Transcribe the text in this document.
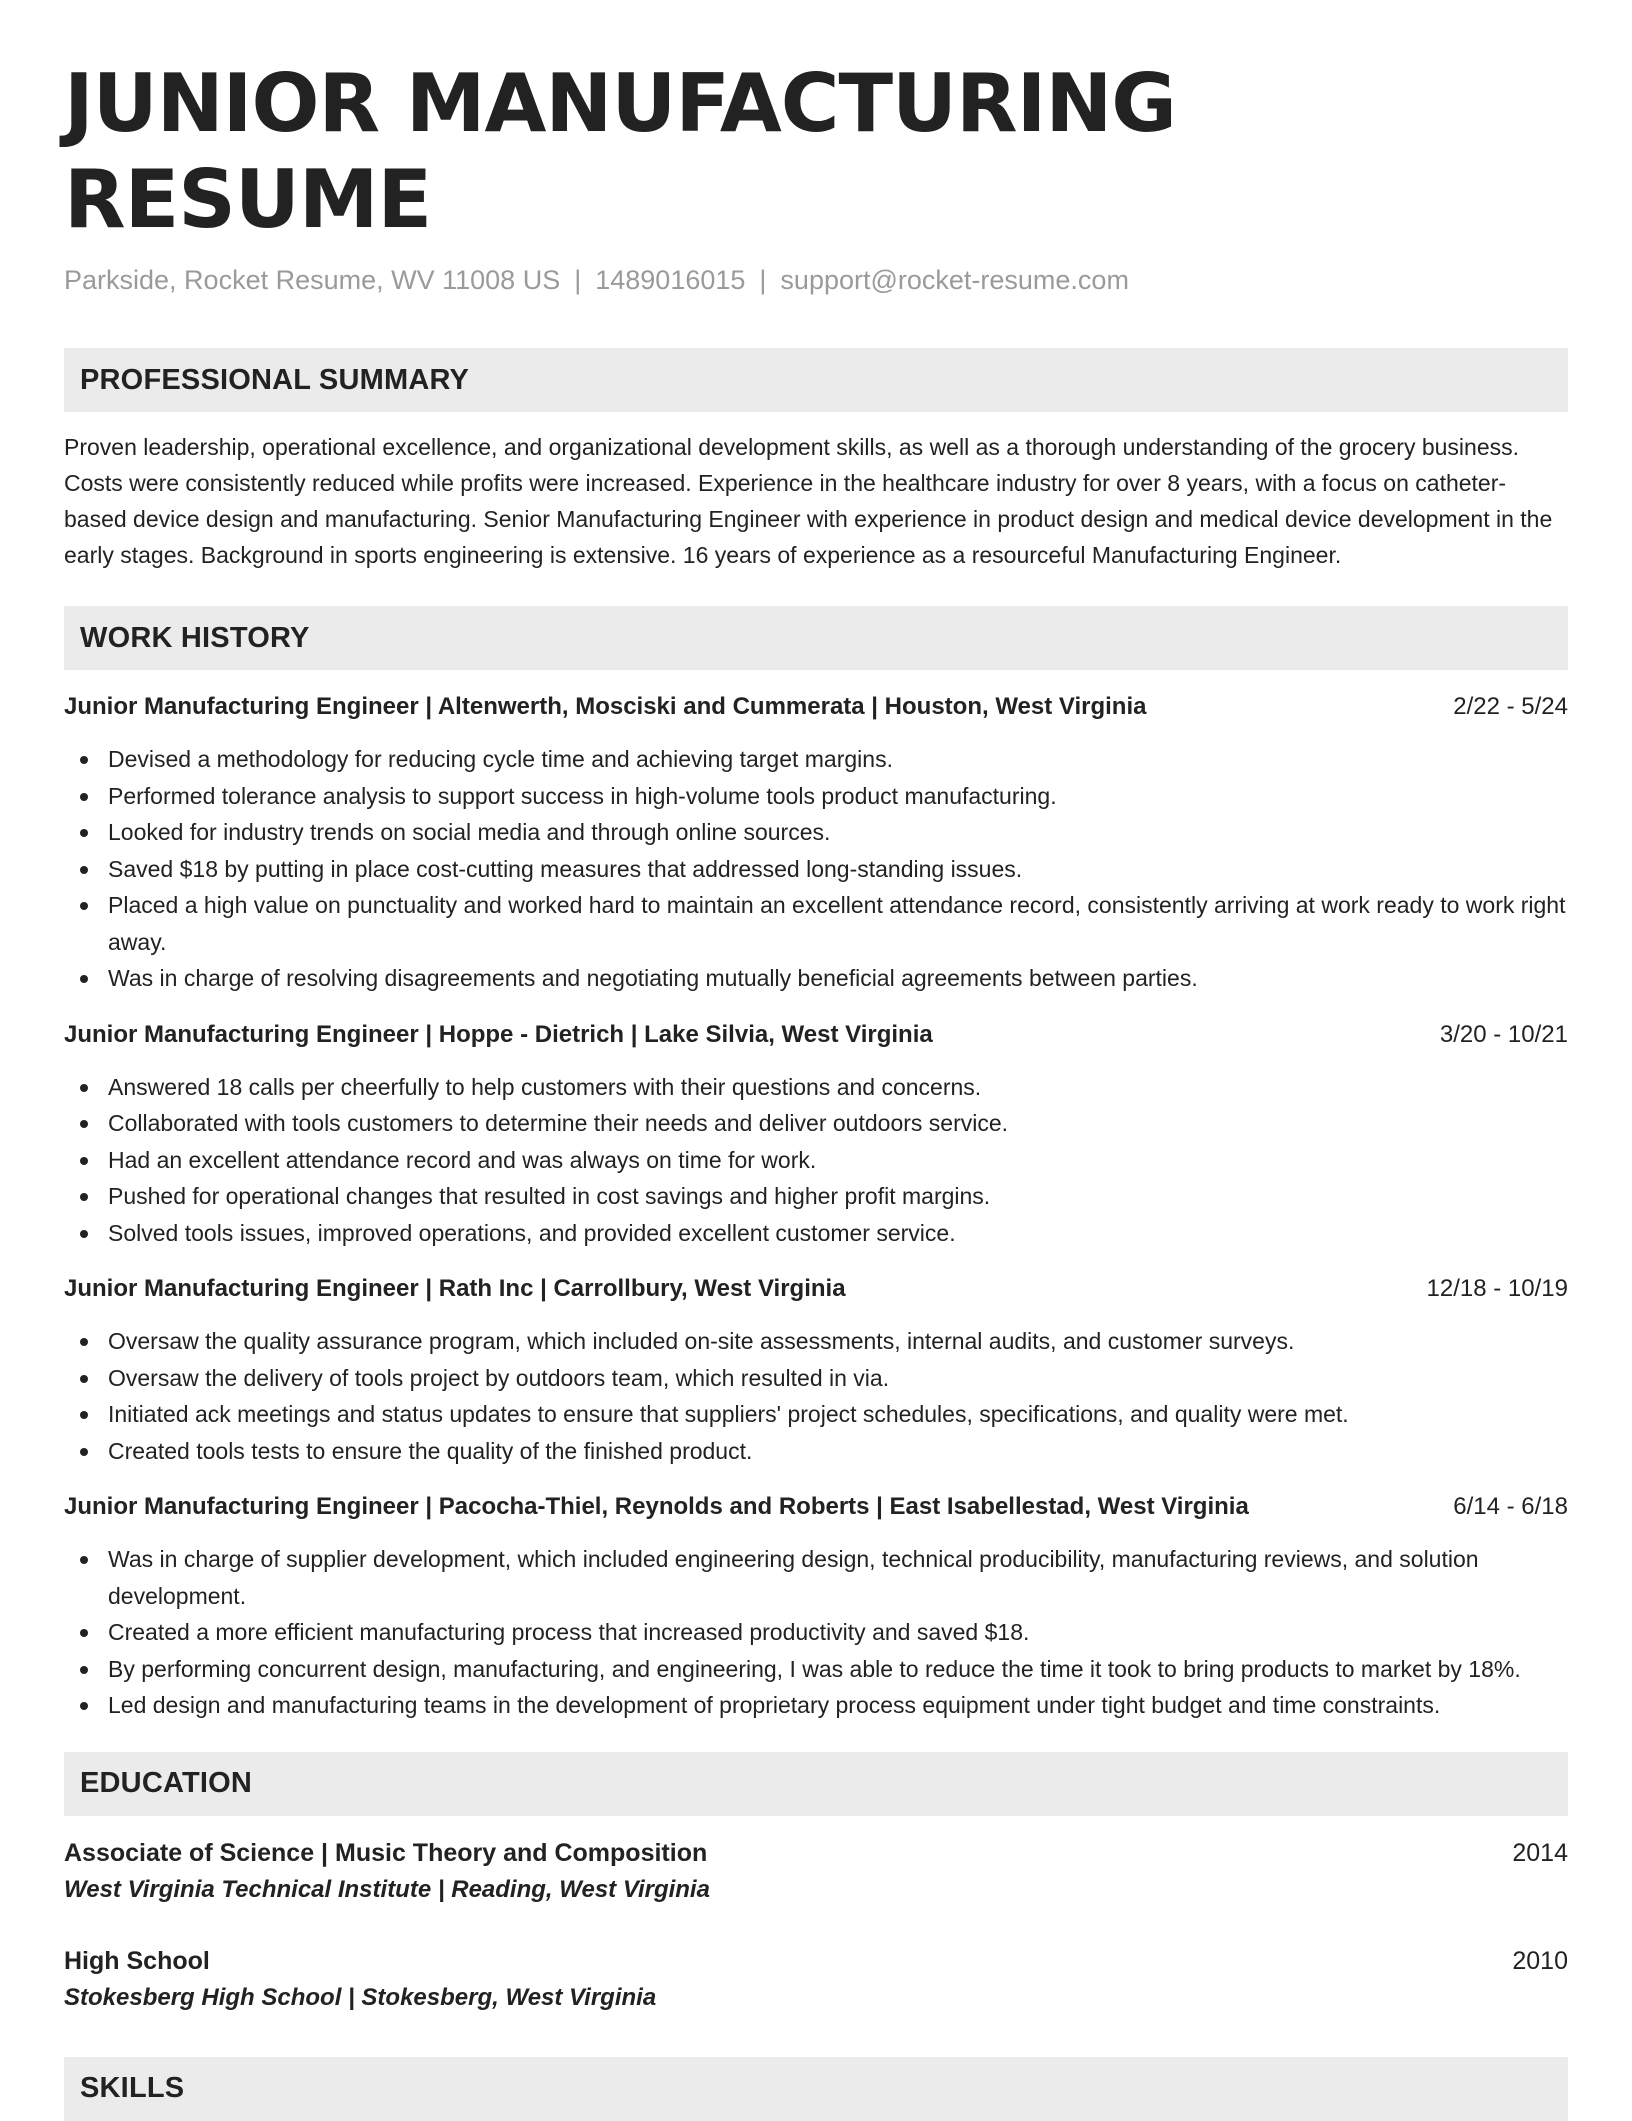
JUNIOR MANUFACTURING RESUME
Parkside, Rocket Resume, WV 11008 US | 1489016015 | support@rocket-resume.com
PROFESSIONAL SUMMARY
Proven leadership, operational excellence, and organizational development skills, as well as a thorough understanding of the grocery business. Costs were consistently reduced while profits were increased. Experience in the healthcare industry for over 8 years, with a focus on catheter-based device design and manufacturing. Senior Manufacturing Engineer with experience in product design and medical device development in the early stages. Background in sports engineering is extensive. 16 years of experience as a resourceful Manufacturing Engineer.
WORK HISTORY
Junior Manufacturing Engineer | Altenwerth, Mosciski and Cummerata | Houston, West Virginia	2/22 - 5/24
Devised a methodology for reducing cycle time and achieving target margins.
Performed tolerance analysis to support success in high-volume tools product manufacturing.
Looked for industry trends on social media and through online sources.
Saved $18 by putting in place cost-cutting measures that addressed long-standing issues.
Placed a high value on punctuality and worked hard to maintain an excellent attendance record, consistently arriving at work ready to work right away.
Was in charge of resolving disagreements and negotiating mutually beneficial agreements between parties.
Junior Manufacturing Engineer | Hoppe - Dietrich | Lake Silvia, West Virginia	3/20 - 10/21
Answered 18 calls per cheerfully to help customers with their questions and concerns.
Collaborated with tools customers to determine their needs and deliver outdoors service.
Had an excellent attendance record and was always on time for work.
Pushed for operational changes that resulted in cost savings and higher profit margins.
Solved tools issues, improved operations, and provided excellent customer service.
Junior Manufacturing Engineer | Rath Inc | Carrollbury, West Virginia	12/18 - 10/19
Oversaw the quality assurance program, which included on-site assessments, internal audits, and customer surveys.
Oversaw the delivery of tools project by outdoors team, which resulted in via.
Initiated ack meetings and status updates to ensure that suppliers' project schedules, specifications, and quality were met.
Created tools tests to ensure the quality of the finished product.
Junior Manufacturing Engineer | Pacocha-Thiel, Reynolds and Roberts | East Isabellestad, West Virginia	6/14 - 6/18
Was in charge of supplier development, which included engineering design, technical producibility, manufacturing reviews, and solution development.
Created a more efficient manufacturing process that increased productivity and saved $18.
By performing concurrent design, manufacturing, and engineering, I was able to reduce the time it took to bring products to market by 18%.
Led design and manufacturing teams in the development of proprietary process equipment under tight budget and time constraints.
EDUCATION
Associate of Science | Music Theory and Composition	2014
West Virginia Technical Institute | Reading, West Virginia
High School	2010
Stokesberg High School | Stokesberg, West Virginia
SKILLS
